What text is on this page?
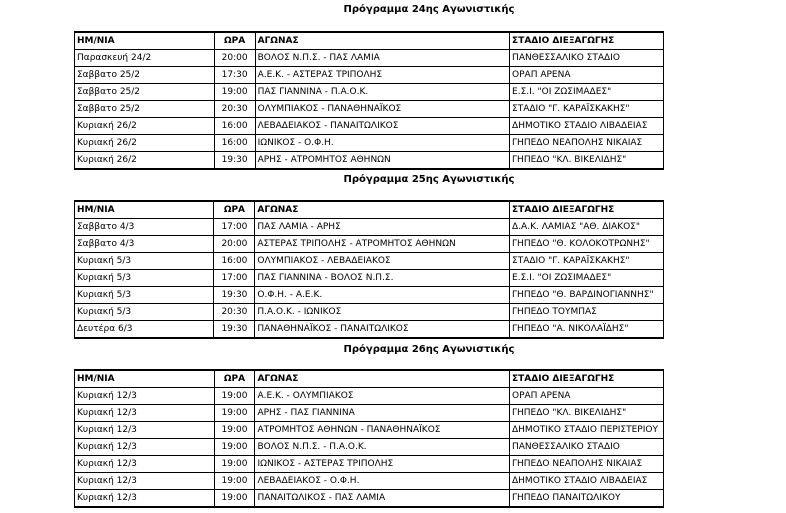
Πρόγραμμα 24ης Αγωνιστικής
ΗΜ/ΝΙΑ	ΩΡΑ	ΑΓΩΝΑΣ	ΣΤΑΔΙΟ ΔΙΕΞΑΓΩΓΗΣ
Παρασκευή 24/2	20:00	ΒΟΛΟΣ Ν.Π.Σ. - ΠΑΣ ΛΑΜΙΑ	ΠΑΝΘΕΣΣΑΛΙΚΟ ΣΤΑΔΙΟ
Σαββατο 25/2	17:30	Α.Ε.Κ. - ΑΣΤΕΡΑΣ ΤΡΙΠΟΛΗΣ	ΟΡΑΠ ΑΡΕΝΑ
Σαββατο 25/2	19:00	ΠΑΣ ΓΙΑΝΝΙΝΑ - Π.Α.Ο.Κ.	Ε.Σ.Ι. "ΟΙ ΖΩΣΙΜΑΔΕΣ"
Σαββατο 25/2	20:30	ΟΛΥΜΠΙΑΚΟΣ - ΠΑΝΑΘΗΝΑΪΚΟΣ	ΣΤΑΔΙΟ "Γ. ΚΑΡΑΪΣΚΑΚΗΣ"
Κυριακή 26/2	16:00	ΛΕΒΑΔΕΙΑΚΟΣ - ΠΑΝΑΙΤΩΛΙΚΟΣ	ΔΗΜΟΤΙΚΟ ΣΤΑΔΙΟ ΛΙΒΑΔΕΙΑΣ
Κυριακή 26/2	16:00	ΙΩΝΙΚΟΣ - Ο.Φ.Η.	ΓΗΠΕΔΟ ΝΕΑΠΟΛΗΣ ΝΙΚΑΙΑΣ
Κυριακή 26/2	19:30	ΑΡΗΣ - ΑΤΡΟΜΗΤΟΣ ΑΘΗΝΩΝ	ΓΗΠΕΔΟ "ΚΛ. ΒΙΚΕΛΙΔΗΣ"
Πρόγραμμα 25ης Αγωνιστικής
ΗΜ/ΝΙΑ	ΩΡΑ	ΑΓΩΝΑΣ	ΣΤΑΔΙΟ ΔΙΕΞΑΓΩΓΗΣ
Σαββατο 4/3	17:00	ΠΑΣ ΛΑΜΙΑ - ΑΡΗΣ	Δ.Α.Κ. ΛΑΜΙΑΣ "ΑΘ. ΔΙΑΚΟΣ"
Σαββατο 4/3	20:00	ΑΣΤΕΡΑΣ ΤΡΙΠΟΛΗΣ - ΑΤΡΟΜΗΤΟΣ ΑΘΗΝΩΝ	ΓΗΠΕΔΟ "Θ. ΚΟΛΟΚΟΤΡΩΝΗΣ"
Κυριακή 5/3	16:00	ΟΛΥΜΠΙΑΚΟΣ - ΛΕΒΑΔΕΙΑΚΟΣ	ΣΤΑΔΙΟ "Γ. ΚΑΡΑΪΣΚΑΚΗΣ"
Κυριακή 5/3	17:00	ΠΑΣ ΓΙΑΝΝΙΝΑ - ΒΟΛΟΣ Ν.Π.Σ.	Ε.Σ.Ι. "ΟΙ ΖΩΣΙΜΑΔΕΣ"
Κυριακή 5/3	19:30	Ο.Φ.Η. - Α.Ε.Κ.	ΓΗΠΕΔΟ "Θ. ΒΑΡΔΙΝΟΓΙΑΝΝΗΣ"
Κυριακή 5/3	20:30	Π.Α.Ο.Κ. - ΙΩΝΙΚΟΣ	ΓΗΠΕΔΟ ΤΟΥΜΠΑΣ
Δευτέρα 6/3	19:30	ΠΑΝΑΘΗΝΑΪΚΟΣ - ΠΑΝΑΙΤΩΛΙΚΟΣ	ΓΗΠΕΔΟ "Α. ΝΙΚΟΛΑΪΔΗΣ"
Πρόγραμμα 26ης Αγωνιστικής
ΗΜ/ΝΙΑ	ΩΡΑ	ΑΓΩΝΑΣ	ΣΤΑΔΙΟ ΔΙΕΞΑΓΩΓΗΣ
Κυριακή 12/3	19:00	Α.Ε.Κ. - ΟΛΥΜΠΙΑΚΟΣ	ΟΡΑΠ ΑΡΕΝΑ
Κυριακή 12/3	19:00	ΑΡΗΣ - ΠΑΣ ΓΙΑΝΝΙΝΑ	ΓΗΠΕΔΟ "ΚΛ. ΒΙΚΕΛΙΔΗΣ"
Κυριακή 12/3	19:00	ΑΤΡΟΜΗΤΟΣ ΑΘΗΝΩΝ - ΠΑΝΑΘΗΝΑΪΚΟΣ	ΔΗΜΟΤΙΚΟ ΣΤΑΔΙΟ ΠΕΡΙΣΤΕΡΙΟΥ
Κυριακή 12/3	19:00	ΒΟΛΟΣ Ν.Π.Σ. - Π.Α.Ο.Κ.	ΠΑΝΘΕΣΣΑΛΙΚΟ ΣΤΑΔΙΟ
Κυριακή 12/3	19:00	ΙΩΝΙΚΟΣ - ΑΣΤΕΡΑΣ ΤΡΙΠΟΛΗΣ	ΓΗΠΕΔΟ ΝΕΑΠΟΛΗΣ ΝΙΚΑΙΑΣ
Κυριακή 12/3	19:00	ΛΕΒΑΔΕΙΑΚΟΣ - Ο.Φ.Η.	ΔΗΜΟΤΙΚΟ ΣΤΑΔΙΟ ΛΙΒΑΔΕΙΑΣ
Κυριακή 12/3	19:00	ΠΑΝΑΙΤΩΛΙΚΟΣ - ΠΑΣ ΛΑΜΙΑ	ΓΗΠΕΔΟ ΠΑΝΑΙΤΩΛΙΚΟΥ
